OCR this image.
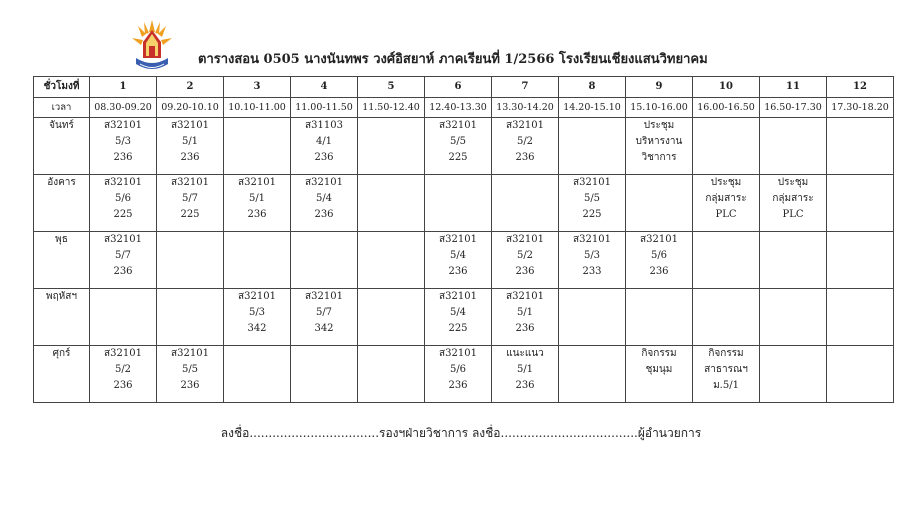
ตารางสอน 0505 นางนันทพร วงศ์อิสยาห์ ภาคเรียนที่ 1/2566 โรงเรียนเชียงแสนวิทยาคม
ชั่วโมงที่	1	2	3	4	5	6	7	8	9	10	11	12
เวลา	08.30-09.20	09.20-10.10	10.10-11.00	11.00-11.50	11.50-12.40	12.40-13.30	13.30-14.20	14.20-15.10	15.10-16.00	16.00-16.50	16.50-17.30	17.30-18.20
จันทร์	ส32101
5/3
236	ส32101
5/1
236		ส31103
4/1
236		ส32101
5/5
225	ส32101
5/2
236		ประชุม
บริหารงาน
วิชาการ			

อังคาร	ส32101
5/6
225	ส32101
5/7
225	ส32101
5/1
236	ส32101
5/4
236				ส32101
5/5
225		ประชุม
กลุ่มสาระ
PLC	ประชุม
กลุ่มสาระ
PLC	

พุธ	ส32101
5/7
236					ส32101
5/4
236	ส32101
5/2
236	ส32101
5/3
233	ส32101
5/6
236			

พฤหัสฯ			ส32101
5/3
342	ส32101
5/7
342		ส32101
5/4
225	ส32101
5/1
236					

ศุกร์	ส32101
5/2
236	ส32101
5/5
236				ส32101
5/6
236	แนะแนว
5/1
236		กิจกรรม
ชุมนุม	กิจกรรม
สาธารณฯ
ม.5/1		

ลงชื่อ..................................รองฯฝ่ายวิชาการ ลงชื่อ....................................ผู้อำนวยการ
